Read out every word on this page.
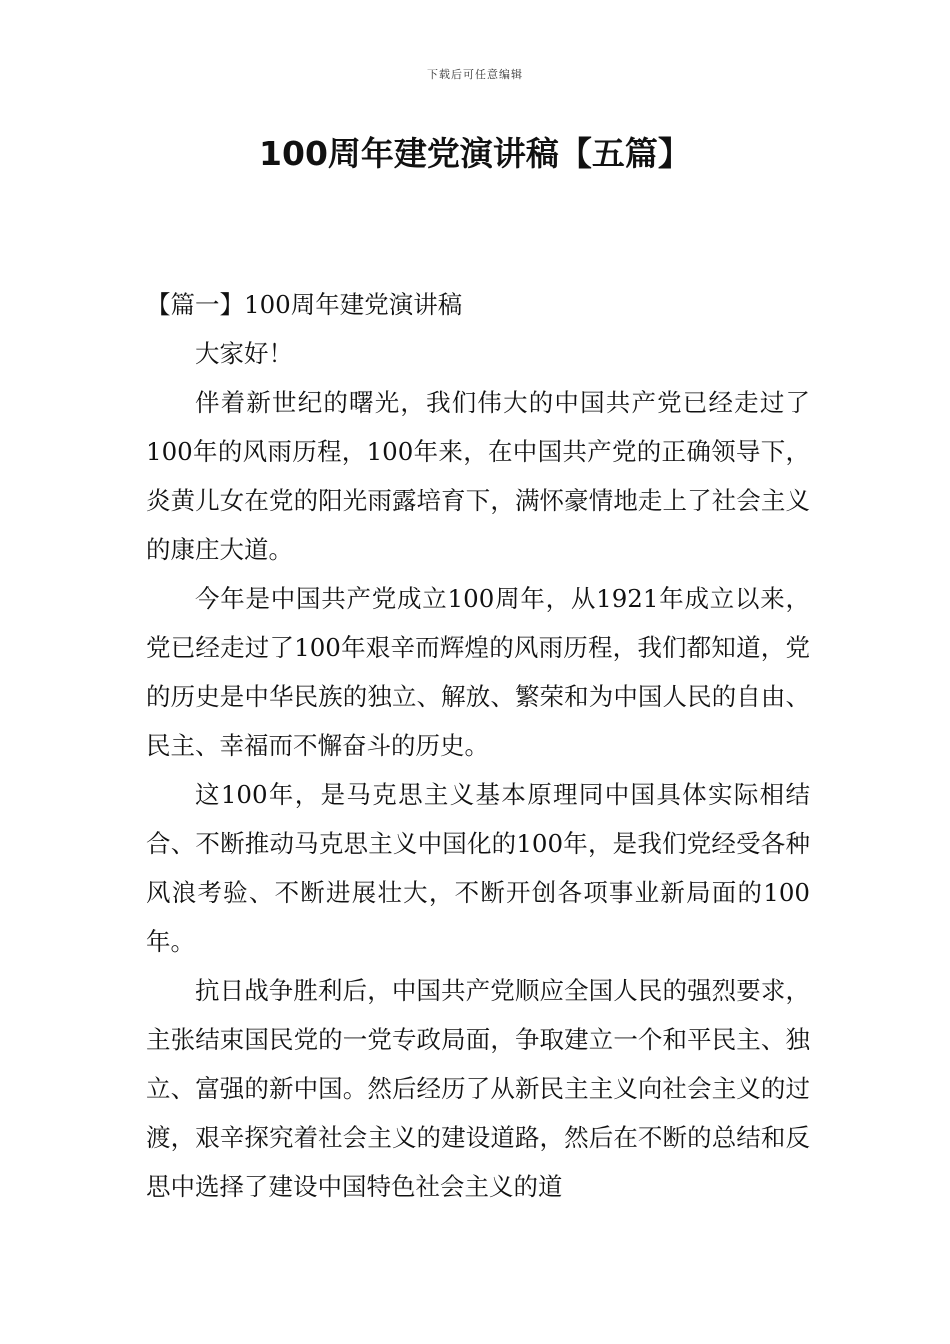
下载后可任意编辑
100周年建党演讲稿【五篇】
【篇一】100周年建党演讲稿

大家好！

伴着新世纪的曙光，我们伟大的中国共产党已经走过了100年的风雨历程，100年来，在中国共产党的正确领导下，炎黄儿女在党的阳光雨露培育下，满怀豪情地走上了社会主义的康庄大道。

今年是中国共产党成立100周年，从1921年成立以来，党已经走过了100年艰辛而辉煌的风雨历程，我们都知道，党的历史是中华民族的独立、解放、繁荣和为中国人民的自由、民主、幸福而不懈奋斗的历史。

这100年，是马克思主义基本原理同中国具体实际相结合、不断推动马克思主义中国化的100年，是我们党经受各种风浪考验、不断进展壮大，不断开创各项事业新局面的100年。

抗日战争胜利后，中国共产党顺应全国人民的强烈要求，主张结束国民党的一党专政局面，争取建立一个和平民主、独立、富强的新中国。然后经历了从新民主主义向社会主义的过渡，艰辛探究着社会主义的建设道路，然后在不断的总结和反思中选择了建设中国特色社会主义的道
